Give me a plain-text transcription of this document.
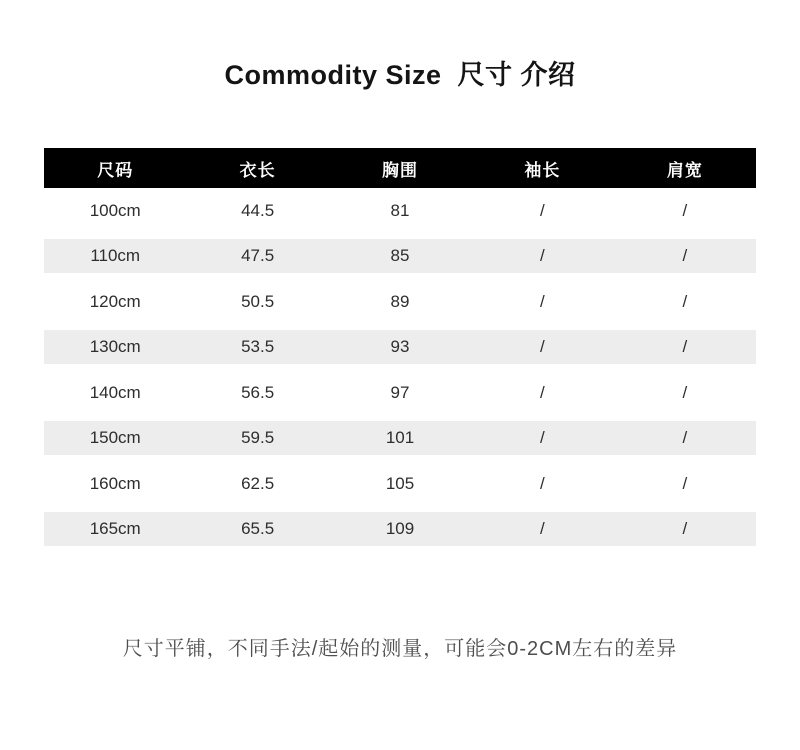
Commodity Size  尺寸 介绍
尺码	衣长	胸围	袖长	肩宽
100cm	44.5	81	/	/
110cm	47.5	85	/	/
120cm	50.5	89	/	/
130cm	53.5	93	/	/
140cm	56.5	97	/	/
150cm	59.5	101	/	/
160cm	62.5	105	/	/
165cm	65.5	109	/	/
尺寸平铺，不同手法/起始的测量，可能会0-2CM左右的差异
